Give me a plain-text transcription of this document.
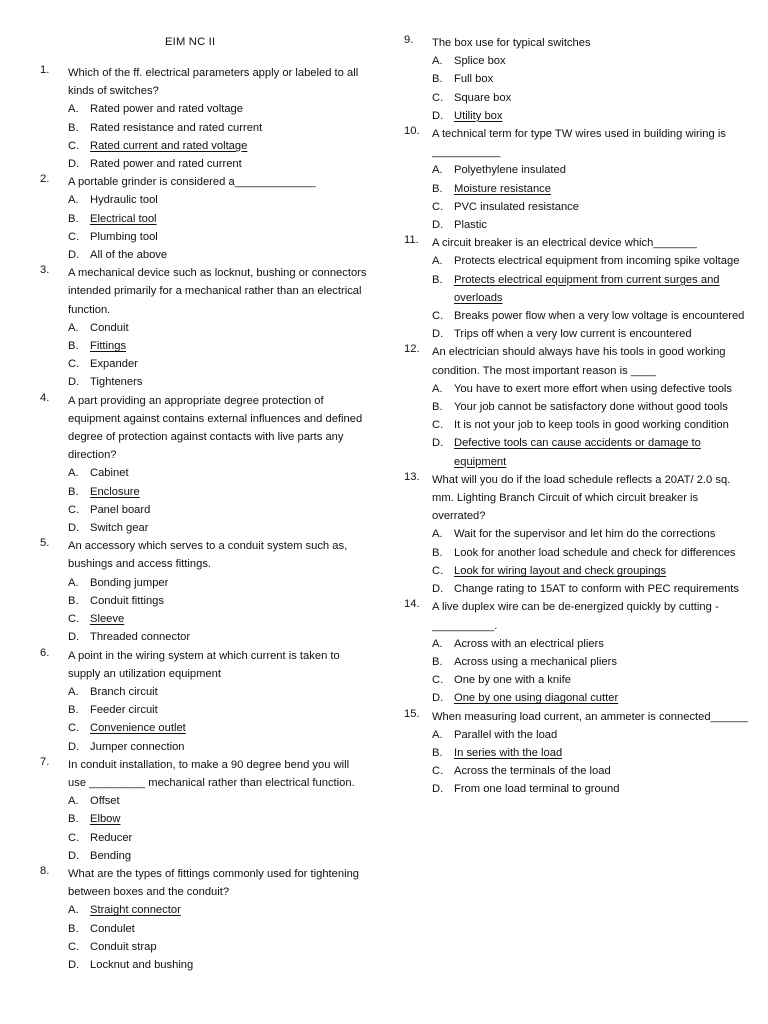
EIM NC II
1. Which of the ff. electrical parameters apply or labeled to all kinds of switches?
A. Rated power and rated voltage
B. Rated resistance and rated current
C. Rated current and rated voltage
D. Rated power and rated current
2. A portable grinder is considered a_____________
A. Hydraulic tool
B. Electrical tool
C. Plumbing tool
D. All of the above
3. A mechanical device such as locknut, bushing or connectors intended primarily for a mechanical rather than an electrical function.
A. Conduit
B. Fittings
C. Expander
D. Tighteners
4. A part providing an appropriate degree protection of equipment against contains external influences and defined degree of protection against contacts with live parts any direction?
A. Cabinet
B. Enclosure
C. Panel board
D. Switch gear
5. An accessory which serves to a conduit system such as, bushings and access fittings.
A. Bonding jumper
B. Conduit fittings
C. Sleeve
D. Threaded connector
6. A point in the wiring system at which current is taken to supply an utilization equipment
A. Branch circuit
B. Feeder circuit
C. Convenience outlet
D. Jumper connection
7. In conduit installation, to make a 90 degree bend you will use _________ mechanical rather than electrical function.
A. Offset
B. Elbow
C. Reducer
D. Bending
8. What are the types of fittings commonly used for tightening between boxes and the conduit?
A. Straight connector
B. Condulet
C. Conduit strap
D. Locknut and bushing
9. The box use for typical switches
A. Splice box
B. Full box
C. Square box
D. Utility box
10. A technical term for type TW wires used in building wiring is ___________
A. Polyethylene insulated
B. Moisture resistance
C. PVC insulated resistance
D. Plastic
11. A circuit breaker is an electrical device which_______
A. Protects electrical equipment from incoming spike voltage
B. Protects electrical equipment from current surges and overloads
C. Breaks power flow when a very low voltage is encountered
D. Trips off when a very low current is encountered
12. An electrician should always have his tools in good working condition. The most important reason is ____
A. You have to exert more effort when using defective tools
B. Your job cannot be satisfactory done without good tools
C. It is not your job to keep tools in good working condition
D. Defective tools can cause accidents or damage to equipment
13. What will you do if the load schedule reflects a 20AT/ 2.0 sq. mm. Lighting Branch Circuit of which circuit breaker is overrated?
A. Wait for the supervisor and let him do the corrections
B. Look for another load schedule and check for differences
C. Look for wiring layout and check groupings
D. Change rating to 15AT to conform with PEC requirements
14. A live duplex wire can be de-energized quickly by cutting - __________.
A. Across with an electrical pliers
B. Across using a mechanical pliers
C. One by one with a knife
D. One by one using diagonal cutter
15. When measuring load current, an ammeter is connected______
A. Parallel with the load
B. In series with the load
C. Across the terminals of the load
D. From one load terminal to ground
